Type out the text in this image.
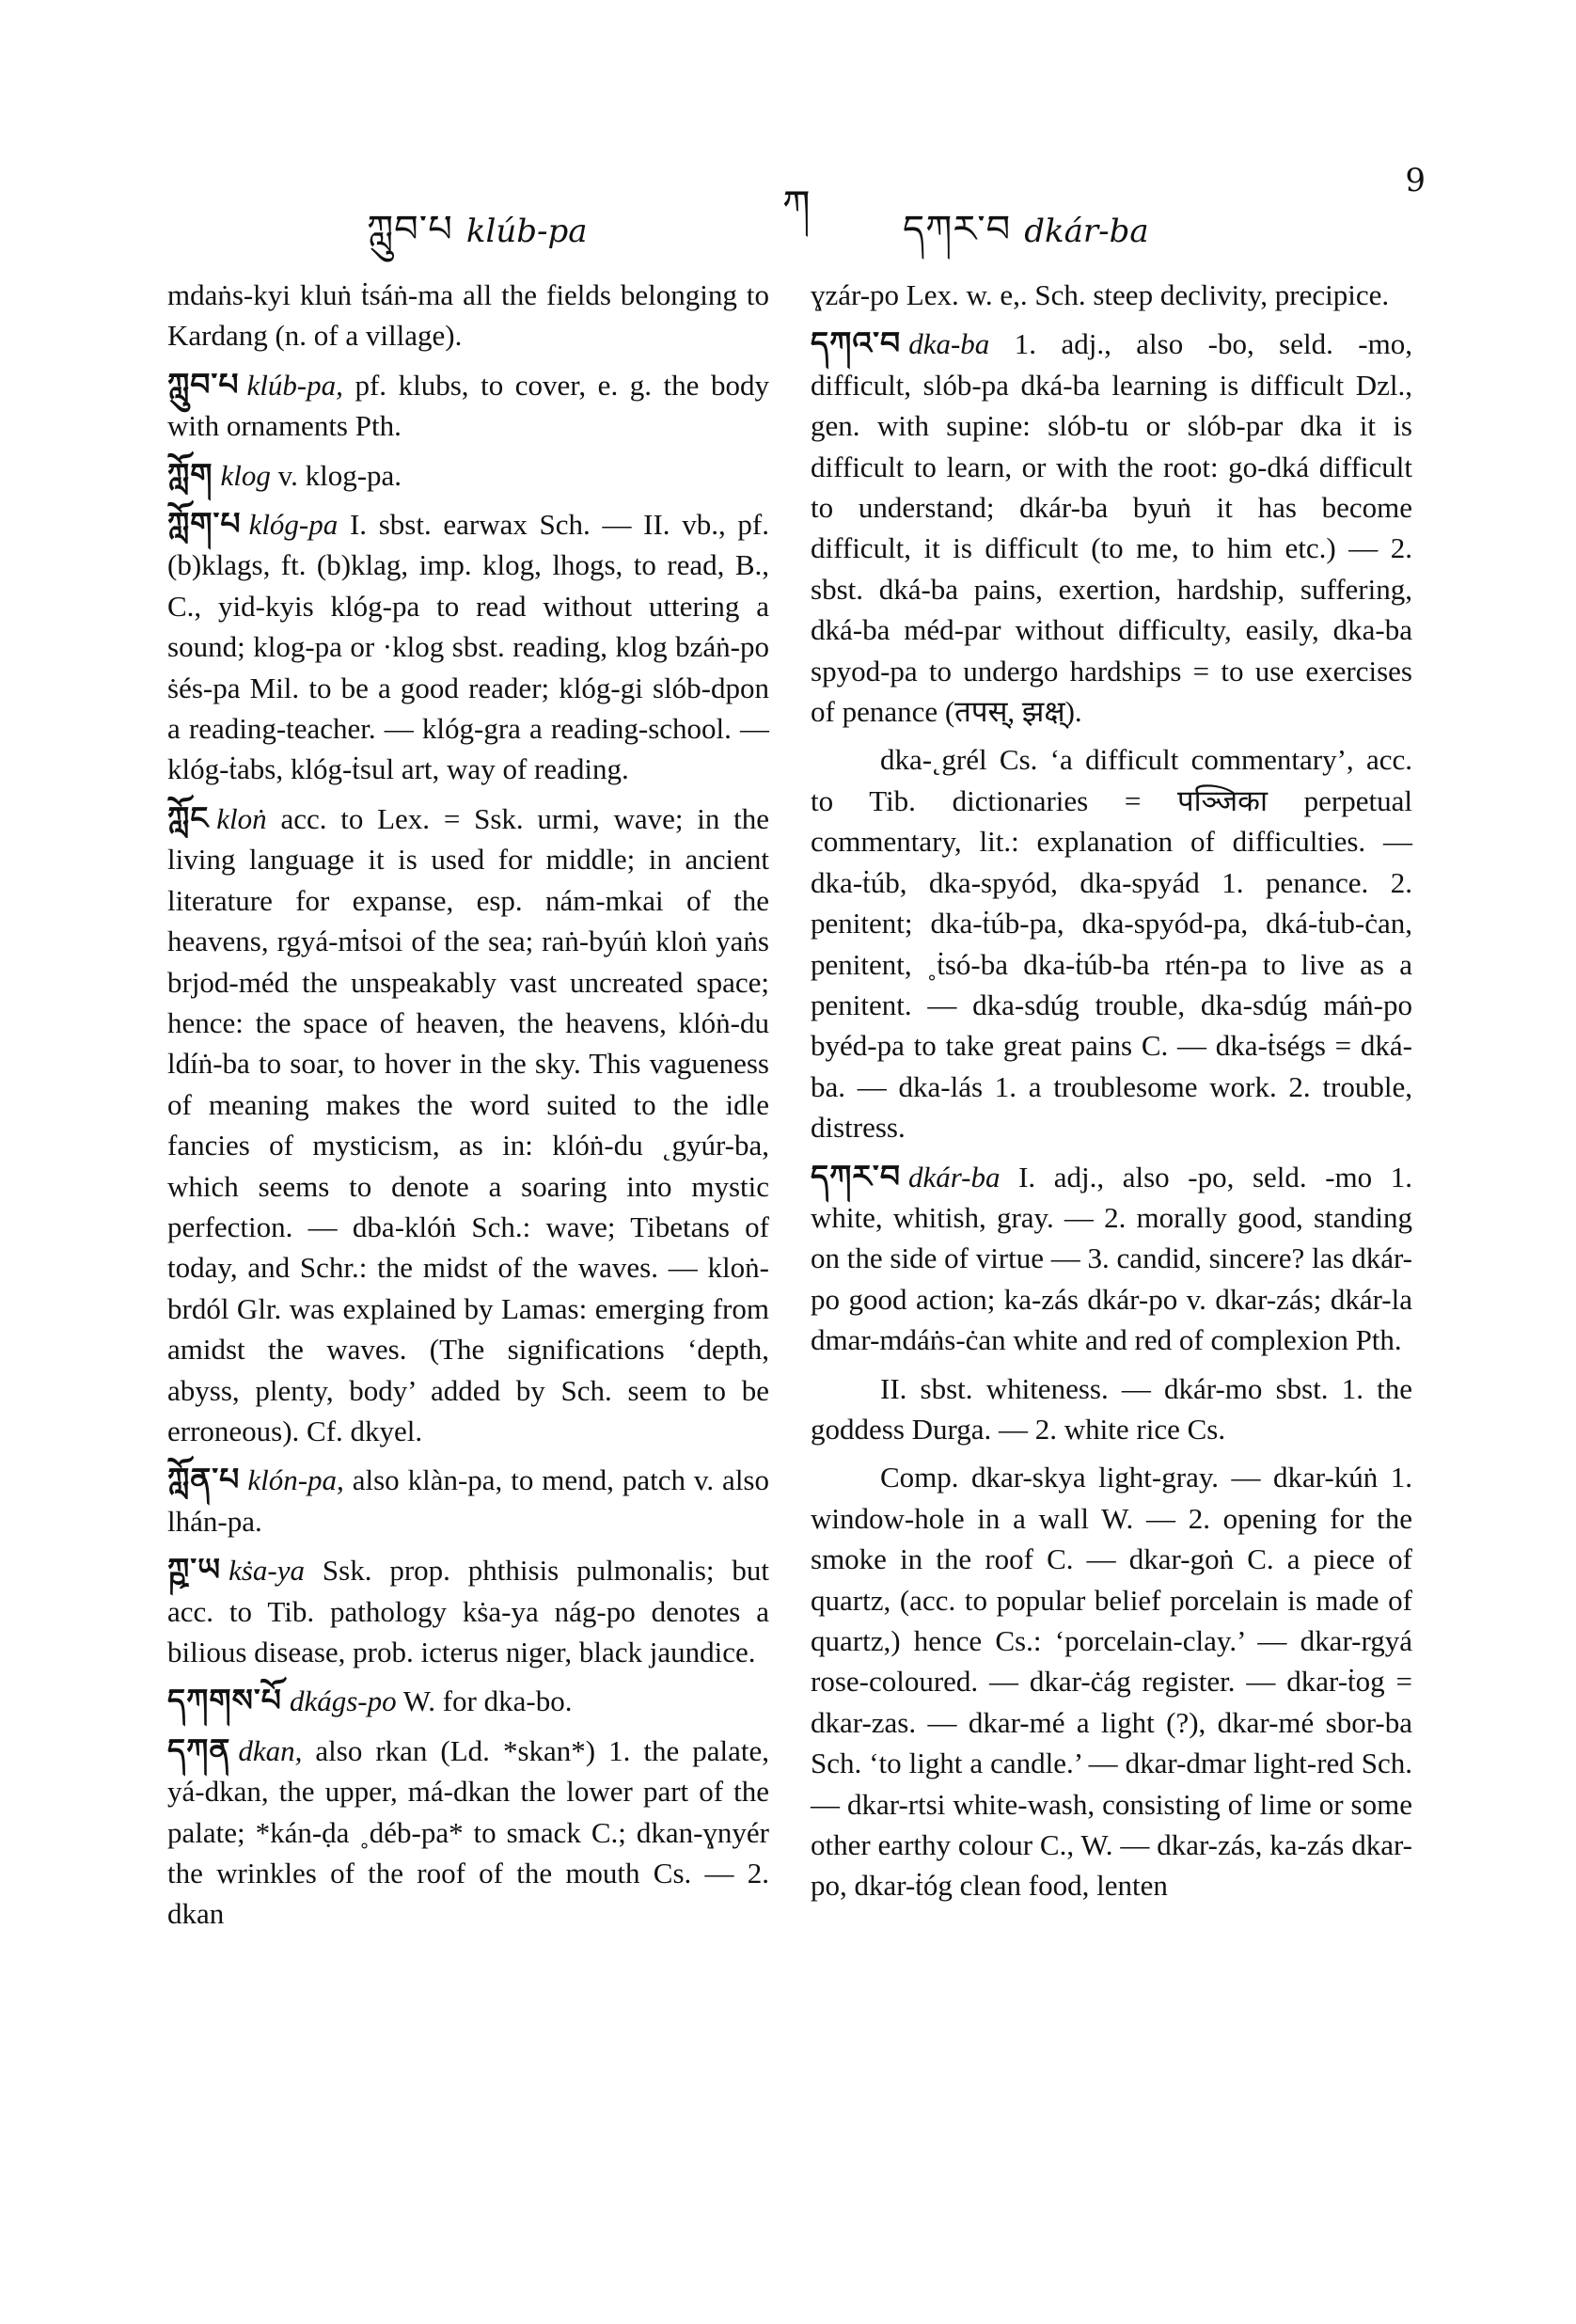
ཀླུབ་པ klúb-pa
ཀ
དཀར་བ dkár-ba
9

mdaṅs-kyi kluṅ ṫsáṅ-ma all the fields belonging to Kardang (n. of a village).

ཀླུབ་པ klúb-pa, pf. klubs, to cover, e. g. the body with ornaments Pth.

ཀློག klog v. klog-pa.

ཀློག་པ klóg-pa I. sbst. earwax Sch. — II. vb., pf. (b)klags, ft. (b)klag, imp. klog, lhogs, to read, B., C., yid-kyis klóg-pa to read without uttering a sound; klog-pa or ·klog sbst. reading, klog bzáṅ-po ṡés-pa Mil. to be a good reader; klóg-gi slób-dpon a reading-teacher. — klóg-gra a reading-school. — klóg-ṫabs, klóg-ṫsul art, way of reading.

ཀློང kloṅ acc. to Lex. = Ssk. urmi, wave; in the living language it is used for middle; in ancient literature for expanse, esp. nám-mkai of the heavens, rgyá-mṫsoi of the sea; raṅ-byúṅ kloṅ yaṅs brjod-méd the unspeakably vast uncreated space; hence: the space of heaven, the heavens, klóṅ-du ldíṅ-ba to soar, to hover in the sky. This vagueness of meaning makes the word suited to the idle fancies of mysticism, as in: klóṅ-du ˛gyúr-ba, which seems to denote a soaring into mystic perfection. — dba-klóṅ Sch.: wave; Tibetans of today, and Schr.: the midst of the waves. — kloṅ-brdól Glr. was explained by Lamas: emerging from amidst the waves. (The significations ‘depth, abyss, plenty, body’ added by Sch. seem to be erroneous). Cf. dkyel.

ཀློན་པ klón-pa, also klàn-pa, to mend, patch v. also lhán-pa.

ཀྵ་ཡ kṡa-ya Ssk. prop. phthisis pulmonalis; but acc. to Tib. pathology kṡa-ya nág-po denotes a bilious disease, prob. icterus niger, black jaundice.

དཀགས་པོ dkágs-po W. for dka-bo.

དཀན dkan, also rkan (Ld. *skan*) 1. the palate, yá-dkan, the upper, má-dkan the lower part of the palate; *kán-ḍa ˳déb-pa* to smack C.; dkan-ɣnyér the wrinkles of the roof of the mouth Cs. — 2. dkan

ɣzár-po Lex. w. e,. Sch. steep declivity, precipice.

དཀའ་བ dka-ba 1. adj., also -bo, seld. -mo, difficult, slób-pa dká-ba learning is difficult Dzl., gen. with supine: slób-tu or slób-par dka it is difficult to learn, or with the root: go-dká difficult to understand; dkár-ba byuṅ it has become difficult, it is difficult (to me, to him etc.) — 2. sbst. dká-ba pains, exertion, hardship, suffering, dká-ba méd-par without difficulty, easily, dka-ba spyod-pa to undergo hardships = to use exercises of penance (तपस्, झक्ष्).

dka-˛grél Cs. ‘a difficult commentary’, acc. to Tib. dictionaries = पञ्जिका perpetual commentary, lit.: explanation of difficulties. — dka-ṫúb, dka-spyód, dka-spyád 1. penance. 2. penitent; dka-ṫúb-pa, dka-spyód-pa, dká-ṫub-ċan, penitent, ˳ṫsó-ba dka-ṫúb-ba rtén-pa to live as a penitent. — dka-sdúg trouble, dka-sdúg máṅ-po byéd-pa to take great pains C. — dka-ṫségs = dká-ba. — dka-lás 1. a troublesome work. 2. trouble, distress.

དཀར་བ dkár-ba I. adj., also -po, seld. -mo 1. white, whitish, gray. — 2. morally good, standing on the side of virtue — 3. candid, sincere? las dkár-po good action; ka-zás dkár-po v. dkar-zás; dkár-la dmar-mdáṅs-ċan white and red of complexion Pth.

II. sbst. whiteness. — dkár-mo sbst. 1. the goddess Durga. — 2. white rice Cs.

Comp. dkar-skya light-gray. — dkar-kúṅ 1. window-hole in a wall W. — 2. opening for the smoke in the roof C. — dkar-goṅ C. a piece of quartz, (acc. to popular belief porcelain is made of quartz,) hence Cs.: ‘porcelain-clay.’ — dkar-rgyá rose-coloured. — dkar-ċág register. — dkar-ṫog = dkar-zas. — dkar-mé a light (?), dkar-mé sbor-ba Sch. ‘to light a candle.’ — dkar-dmar light-red Sch. — dkar-rtsi white-wash, consisting of lime or some other earthy colour C., W. — dkar-zás, ka-zás dkar-po, dkar-ṫóg clean food, lenten
